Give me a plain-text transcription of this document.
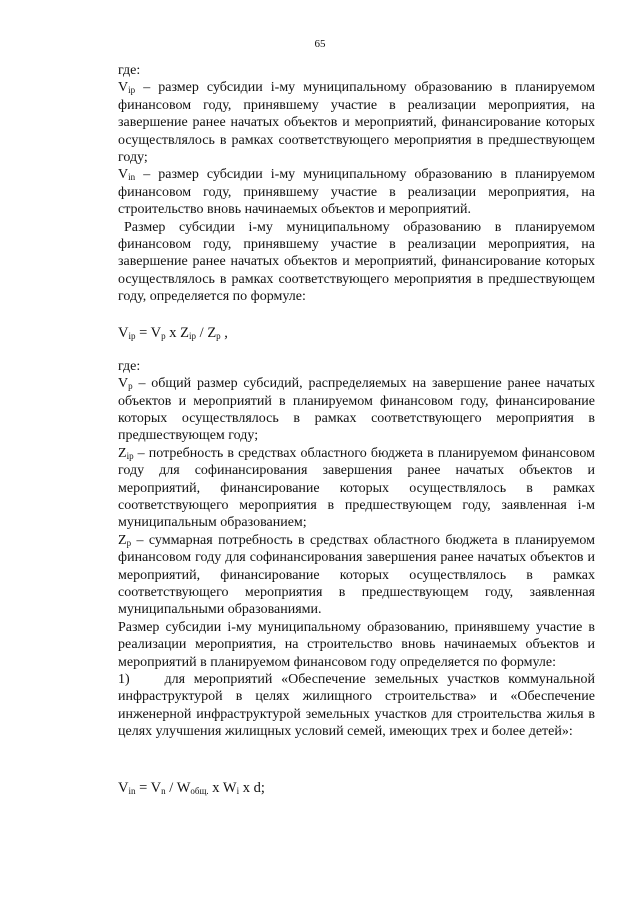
65

где:

$V_{ip}$ – размер субсидии i-му муниципальному образованию в планируемом финансовом году, принявшему участие в реализации мероприятия, на завершение ранее начатых объектов и мероприятий, финансирование которых осуществлялось в рамках соответствующего мероприятия в предшествующем году;

$V_{in}$ – размер субсидии i-му муниципальному образованию в планируемом финансовом году, принявшему участие в реализации мероприятия, на строительство вновь начинаемых объектов и мероприятий.

Размер субсидии i-му муниципальному образованию в планируемом финансовом году, принявшему участие в реализации мероприятия, на завершение ранее начатых объектов и мероприятий, финансирование которых осуществлялось в рамках соответствующего мероприятия в предшествующем году, определяется по формуле:

$V_{ip} = V_р$ x $Z_{ip} / Z_р$ ,

где:

$V_р$ – общий размер субсидий, распределяемых на завершение ранее начатых объектов и мероприятий в планируемом финансовом году, финансирование которых осуществлялось в рамках соответствующего мероприятия в предшествующем году;

$Z_{ip}$ – потребность в средствах областного бюджета в планируемом финансовом году для софинансирования завершения ранее начатых объектов и мероприятий, финансирование которых осуществлялось в рамках соответствующего мероприятия в предшествующем году, заявленная i-м муниципальным образованием;

$Z_р$ – суммарная потребность в средствах областного бюджета в планируемом финансовом году для софинансирования завершения ранее начатых объектов и мероприятий, финансирование которых осуществлялось в рамках соответствующего мероприятия в предшествующем году, заявленная муниципальными образованиями.

Размер субсидии i-му муниципальному образованию, принявшему участие в реализации мероприятия, на строительство вновь начинаемых объектов и мероприятий в планируемом финансовом году определяется по формуле:

1)    для мероприятий «Обеспечение земельных участков коммунальной инфраструктурой в целях жилищного строительства» и «Обеспечение инженерной инфраструктурой земельных участков для строительства жилья в целях улучшения жилищных условий семей, имеющих трех и более детей»:

$V_{in} = V_n / W_{общ.}$ x $W_i$ x d;
